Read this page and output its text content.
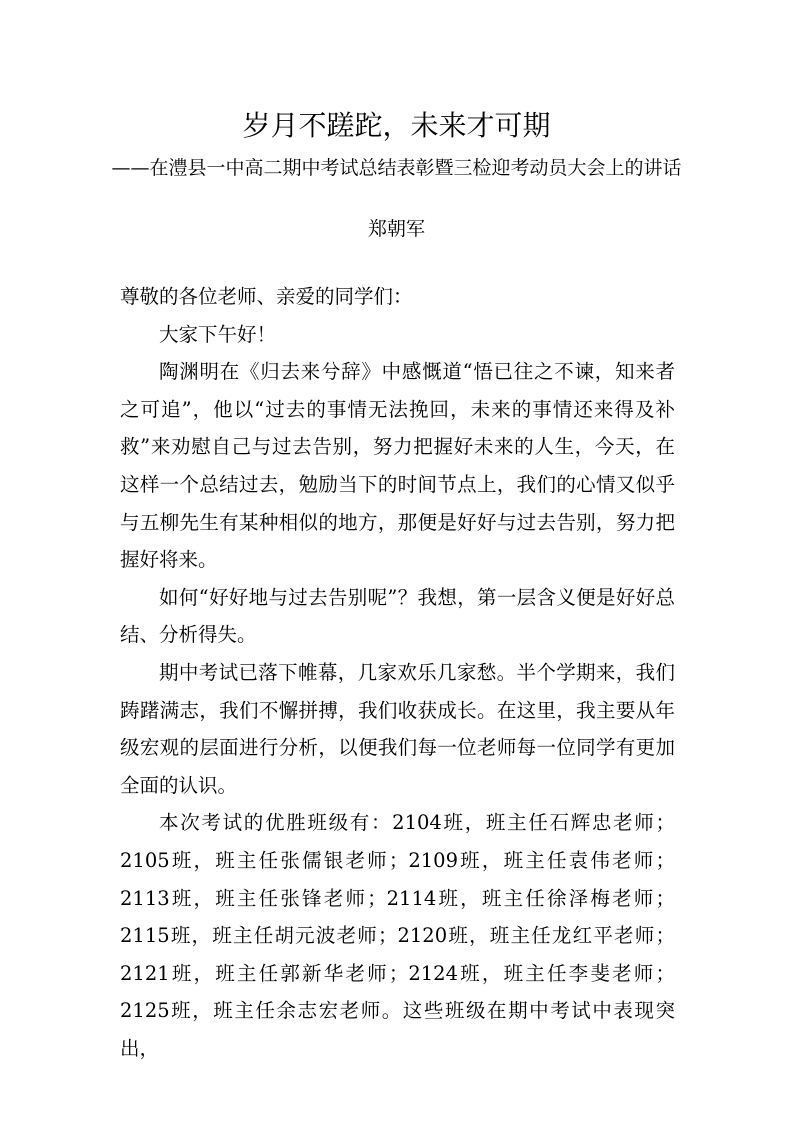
岁月不蹉跎，未来才可期

——在澧县一中高二期中考试总结表彰暨三检迎考动员大会上的讲话

郑朝军

尊敬的各位老师、亲爱的同学们：

大家下午好！

陶渊明在《归去来兮辞》中感慨道“悟已往之不谏，知来者之可追”，他以“过去的事情无法挽回，未来的事情还来得及补救”来劝慰自己与过去告别，努力把握好未来的人生，今天，在这样一个总结过去，勉励当下的时间节点上，我们的心情又似乎与五柳先生有某种相似的地方，那便是好好与过去告别，努力把握好将来。

如何“好好地与过去告别呢”？我想，第一层含义便是好好总结、分析得失。

期中考试已落下帷幕，几家欢乐几家愁。半个学期来，我们踌躇满志，我们不懈拼搏，我们收获成长。在这里，我主要从年级宏观的层面进行分析，以便我们每一位老师每一位同学有更加全面的认识。

本次考试的优胜班级有：2104班，班主任石辉忠老师；2105班，班主任张儒银老师；2109班，班主任袁伟老师；2113班，班主任张锋老师；2114班，班主任徐泽梅老师；2115班，班主任胡元波老师；2120班，班主任龙红平老师；2121班，班主任郭新华老师；2124班，班主任李斐老师；2125班，班主任余志宏老师。这些班级在期中考试中表现突出，
